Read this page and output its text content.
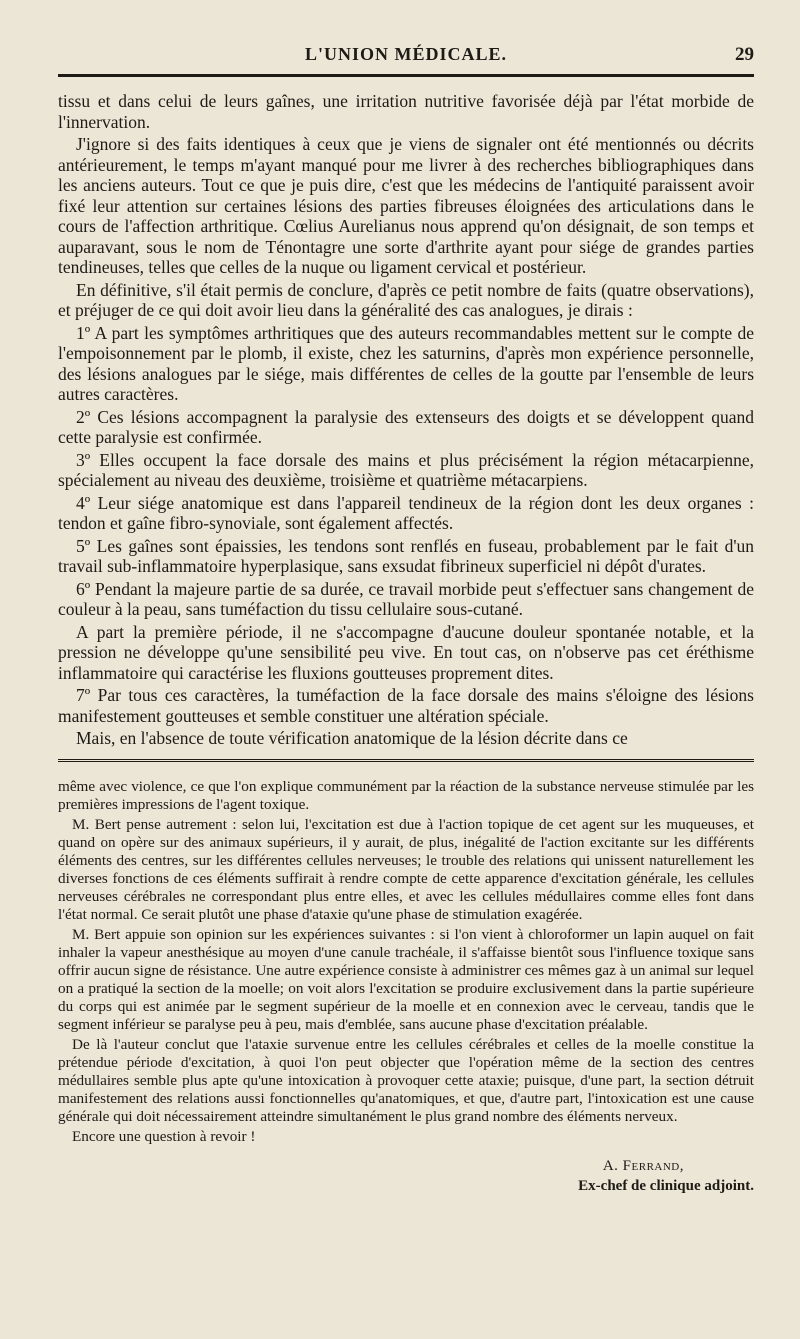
L'UNION MÉDICALE.	29

tissu et dans celui de leurs gaînes, une irritation nutritive favorisée déjà par l'état morbide de l'innervation.

J'ignore si des faits identiques à ceux que je viens de signaler ont été mentionnés ou décrits antérieurement, le temps m'ayant manqué pour me livrer à des recherches bibliographiques dans les anciens auteurs. Tout ce que je puis dire, c'est que les médecins de l'antiquité paraissent avoir fixé leur attention sur certaines lésions des parties fibreuses éloignées des articulations dans le cours de l'affection arthritique. Cœlius Aurelianus nous apprend qu'on désignait, de son temps et auparavant, sous le nom de Ténontagre une sorte d'arthrite ayant pour siége de grandes parties tendineuses, telles que celles de la nuque ou ligament cervical et postérieur.

En définitive, s'il était permis de conclure, d'après ce petit nombre de faits (quatre observations), et préjuger de ce qui doit avoir lieu dans la généralité des cas analogues, je dirais :

1º A part les symptômes arthritiques que des auteurs recommandables mettent sur le compte de l'empoisonnement par le plomb, il existe, chez les saturnins, d'après mon expérience personnelle, des lésions analogues par le siége, mais différentes de celles de la goutte par l'ensemble de leurs autres caractères.

2º Ces lésions accompagnent la paralysie des extenseurs des doigts et se développent quand cette paralysie est confirmée.

3º Elles occupent la face dorsale des mains et plus précisément la région métacarpienne, spécialement au niveau des deuxième, troisième et quatrième métacarpiens.

4º Leur siége anatomique est dans l'appareil tendineux de la région dont les deux organes : tendon et gaîne fibro-synoviale, sont également affectés.

5º Les gaînes sont épaissies, les tendons sont renflés en fuseau, probablement par le fait d'un travail sub-inflammatoire hyperplasique, sans exsudat fibrineux superficiel ni dépôt d'urates.

6º Pendant la majeure partie de sa durée, ce travail morbide peut s'effectuer sans changement de couleur à la peau, sans tuméfaction du tissu cellulaire sous-cutané.

A part la première période, il ne s'accompagne d'aucune douleur spontanée notable, et la pression ne développe qu'une sensibilité peu vive. En tout cas, on n'observe pas cet éréthisme inflammatoire qui caractérise les fluxions goutteuses proprement dites.

7º Par tous ces caractères, la tuméfaction de la face dorsale des mains s'éloigne des lésions manifestement goutteuses et semble constituer une altération spéciale.

Mais, en l'absence de toute vérification anatomique de la lésion décrite dans ce

même avec violence, ce que l'on explique communément par la réaction de la substance nerveuse stimulée par les premières impressions de l'agent toxique.

M. Bert pense autrement : selon lui, l'excitation est due à l'action topique de cet agent sur les muqueuses, et quand on opère sur des animaux supérieurs, il y aurait, de plus, inégalité de l'action excitante sur les différents éléments des centres, sur les différentes cellules nerveuses; le trouble des relations qui unissent naturellement les diverses fonctions de ces éléments suffirait à rendre compte de cette apparence d'excitation générale, les cellules nerveuses cérébrales ne correspondant plus entre elles, et avec les cellules médullaires comme elles font dans l'état normal. Ce serait plutôt une phase d'ataxie qu'une phase de stimulation exagérée.

M. Bert appuie son opinion sur les expériences suivantes : si l'on vient à chloroformer un lapin auquel on fait inhaler la vapeur anesthésique au moyen d'une canule trachéale, il s'affaisse bientôt sous l'influence toxique sans offrir aucun signe de résistance. Une autre expérience consiste à administrer ces mêmes gaz à un animal sur lequel on a pratiqué la section de la moelle; on voit alors l'excitation se produire exclusivement dans la partie supérieure du corps qui est animée par le segment supérieur de la moelle et en connexion avec le cerveau, tandis que le segment inférieur se paralyse peu à peu, mais d'emblée, sans aucune phase d'excitation préalable.

De là l'auteur conclut que l'ataxie survenue entre les cellules cérébrales et celles de la moelle constitue la prétendue période d'excitation, à quoi l'on peut objecter que l'opération même de la section des centres médullaires semble plus apte qu'une intoxication à provoquer cette ataxie; puisque, d'une part, la section détruit manifestement des relations aussi fonctionnelles qu'anatomiques, et que, d'autre part, l'intoxication est une cause générale qui doit nécessairement atteindre simultanément le plus grand nombre des éléments nerveux.

Encore une question à revoir !

A. Ferrand,
Ex-chef de clinique adjoint.
